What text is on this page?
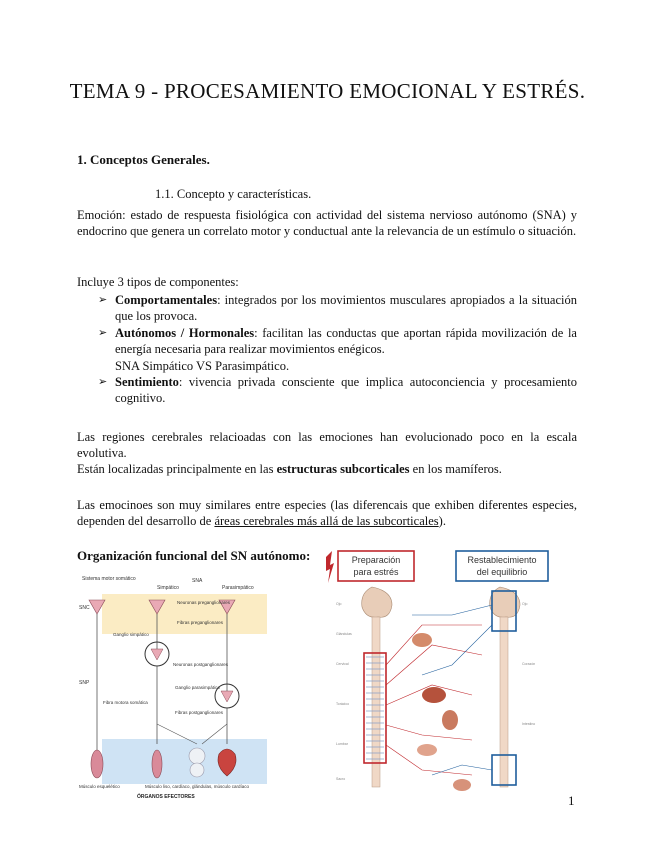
TEMA 9 - PROCESAMIENTO EMOCIONAL Y ESTRÉS.
1. Conceptos Generales.
1.1. Concepto y características.
Emoción: estado de respuesta fisiológica con actividad del sistema nervioso autónomo (SNA) y endocrino que genera un correlato motor y conductual ante la relevancia de un estímulo o situación.
Incluye 3 tipos de componentes:
➢ Comportamentales: integrados por los movimientos musculares apropiados a la situación que los provoca.
➢ Autónomos / Hormonales: facilitan las conductas que aportan rápida movilización de la energía necesaria para realizar movimientos enégicos.
SNA Simpático VS Parasimpático.
➢ Sentimiento: vivencia privada consciente que implica autoconciencia y procesamiento cognitivo.
Las regiones cerebrales relacioadas con las emociones han evolucionado poco en la escala evolutiva.
Están localizadas principalmente en las estructuras subcorticales en los mamíferos.
Las emocinoes son muy similares entre especies (las diferencais que exhiben diferentes especies, dependen del desarrollo de áreas cerebrales más allá de las subcorticales).
Organización funcional del SN autónomo:
Sistema motor somático	SNA
Simpático	Parasimpático
SNC
SNP
Neuronas preganglionares
Fibras preganglionares
Ganglio simpático
Neuronas postganglionares
Ganglio parasimpático
Fibras postganglionares
Fibra motora somática
Músculo esquelético	Músculo liso, cardíaco, glándulas, músculo cardíaco
ÓRGANOS EFECTORES
Preparación
para estrés
Restablecimiento
del equilibrio
Ojo
Glándulas
Cervical
Torácico
Lumbar
Sacro
Ojo
Corazón
Intestino
1
